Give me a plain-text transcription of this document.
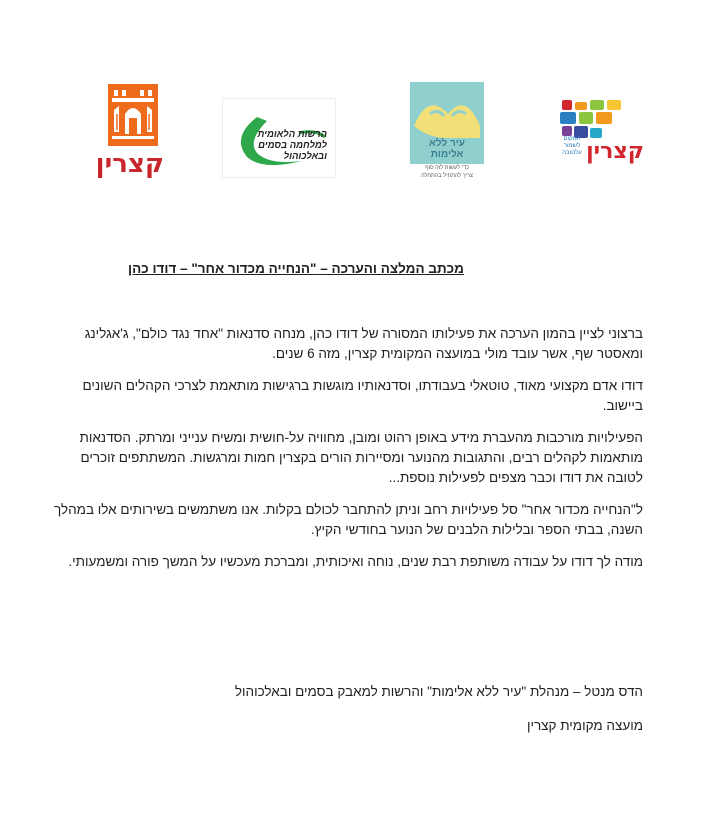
קצרין
הרשות הלאומית
למלחמה בסמים
ובאלכוהול
עיר ללא
אלימות
כדי לעשות לזה סוף
צריך להתחיל בהתחלה
המקום
לשמור
עלטובה קצרין
מכתב המלצה והערכה – "הנחייה מכדור אחר" – דודו כהן

ברצוני לציין בהמון הערכה את פעילותו המסורה של דודו כהן, מנחה סדנאות "אחד נגד כולם", ג'אגלינג ומאסטר שף, אשר עובד מולי במועצה המקומית קצרין, מזה 6 שנים.

דודו אדם מקצועי מאוד, טוטאלי בעבודתו, וסדנאותיו מוגשות ברגישות מותאמת לצרכי הקהלים השונים ביישוב.

הפעילויות מורכבות מהעברת מידע באופן רהוט ומובן, מחוויה על-חושית ומשיח ענייני ומרתק. הסדנאות מותאמות לקהלים רבים, והתגובות מהנוער ומסיירות הורים בקצרין חמות ומרגשות. המשתתפים זוכרים לטובה את דודו וכבר מצפים לפעילות נוספת...

ל"הנחייה מכדור אחר" סל פעילויות רחב וניתן להתחבר לכולם בקלות. אנו משתמשים בשירותים אלו במהלך השנה, בבתי הספר ובלילות הלבנים של הנוער בחודשי הקיץ.

מודה לך דודו על עבודה משותפת רבת שנים, נוחה ואיכותית, ומברכת מעכשיו על המשך פורה ומשמעותי.

הדס מנטל – מנהלת "עיר ללא אלימות" והרשות למאבק בסמים ובאלכוהול
מועצה מקומית קצרין
